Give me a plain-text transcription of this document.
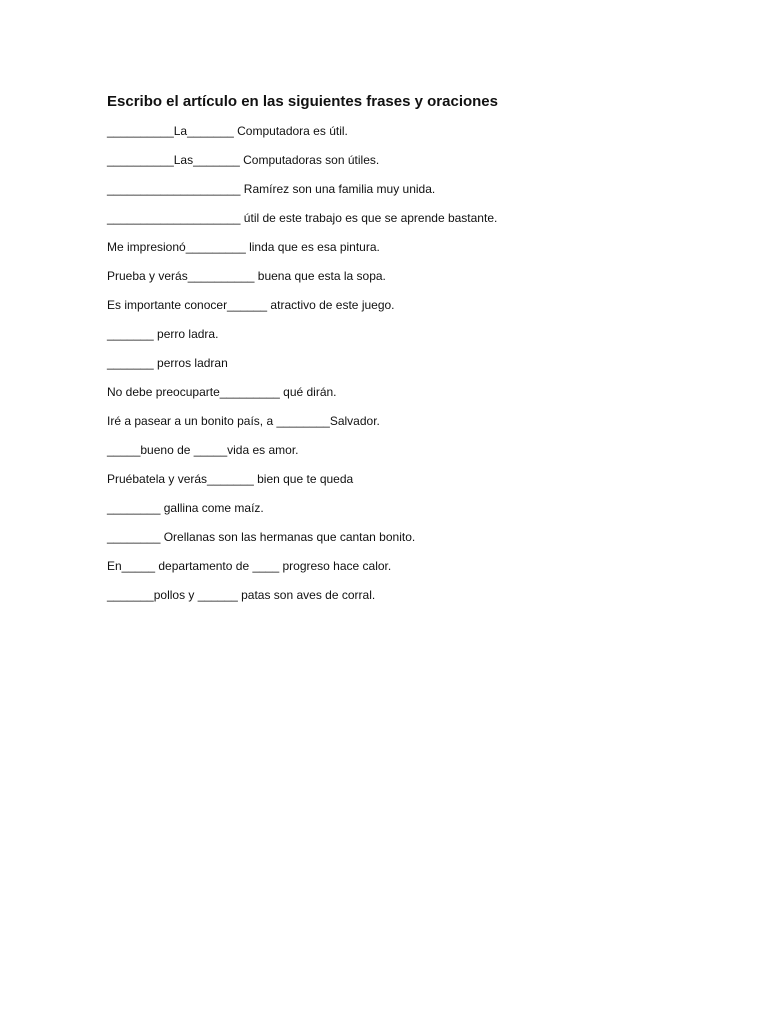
Escribo el artículo en las siguientes frases y oraciones
__________La_______ Computadora es útil.
__________Las_______ Computadoras son útiles.
____________________ Ramírez son una familia muy unida.
____________________ útil de este trabajo es que se aprende bastante.
Me impresionó_________ linda que es esa pintura.
Prueba y verás__________ buena que esta la sopa.
Es importante conocer______ atractivo de este juego.
_______ perro ladra.
_______ perros ladran
No debe preocuparte_________ qué dirán.
Iré a pasear a un bonito país, a ________Salvador.
_____bueno de _____vida es amor.
Pruébatela y verás_______ bien que te queda
________ gallina come maíz.
________ Orellanas son las hermanas que cantan bonito.
En_____ departamento de ____ progreso hace calor.
_______pollos y ______ patas son aves de corral.
